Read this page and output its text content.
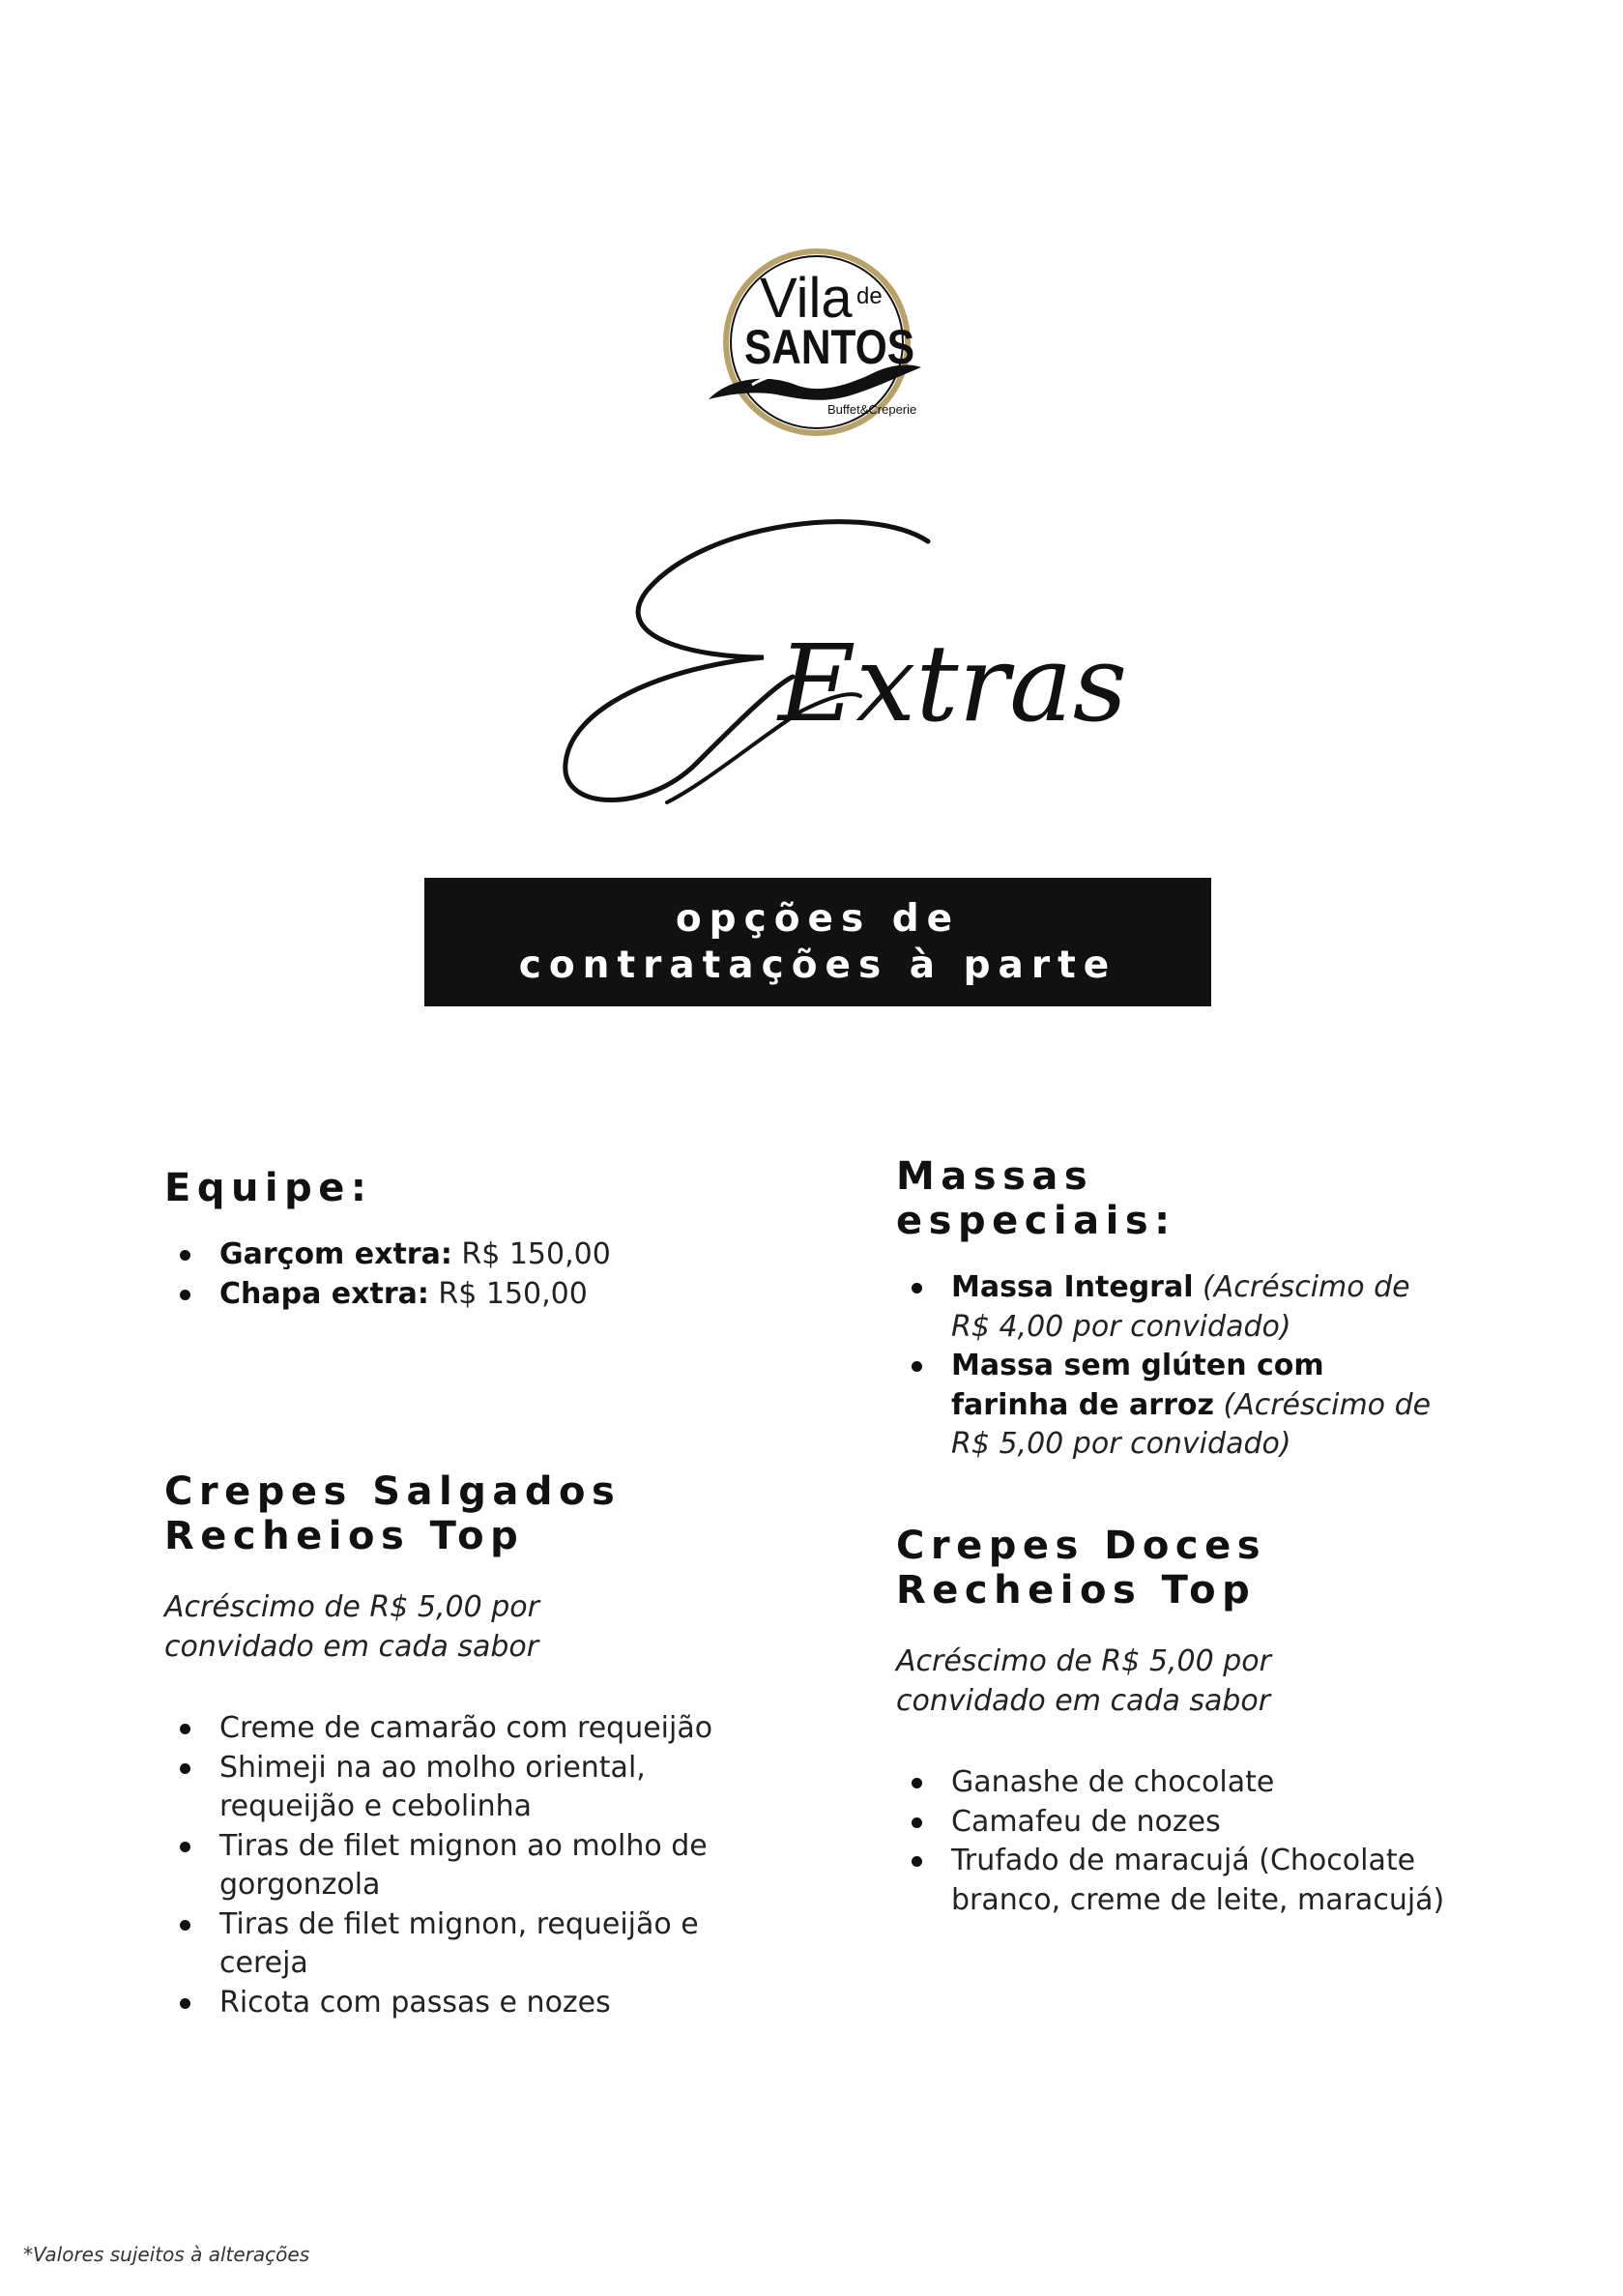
Vila de
SANTOS
Buffet&Creperie
Extras
opções de
contratações à parte
Equipe:
Garçom extra: R$ 150,00
Chapa extra: R$ 150,00
Massas
especiais:
Massa Integral (Acréscimo de R$ 4,00 por convidado)
Massa sem glúten com farinha de arroz (Acréscimo de R$ 5,00 por convidado)
Crepes Salgados
Recheios Top

Acréscimo de R$ 5,00 por convidado em cada sabor

Creme de camarão com requeijão
Shimeji na ao molho oriental, requeijão e cebolinha
Tiras de filet mignon ao molho de gorgonzola
Tiras de filet mignon, requeijão e cereja
Ricota com passas e nozes
Crepes Doces
Recheios Top

Acréscimo de R$ 5,00 por convidado em cada sabor

Ganashe de chocolate
Camafeu de nozes
Trufado de maracujá (Chocolate branco, creme de leite, maracujá)
*Valores sujeitos à alterações
